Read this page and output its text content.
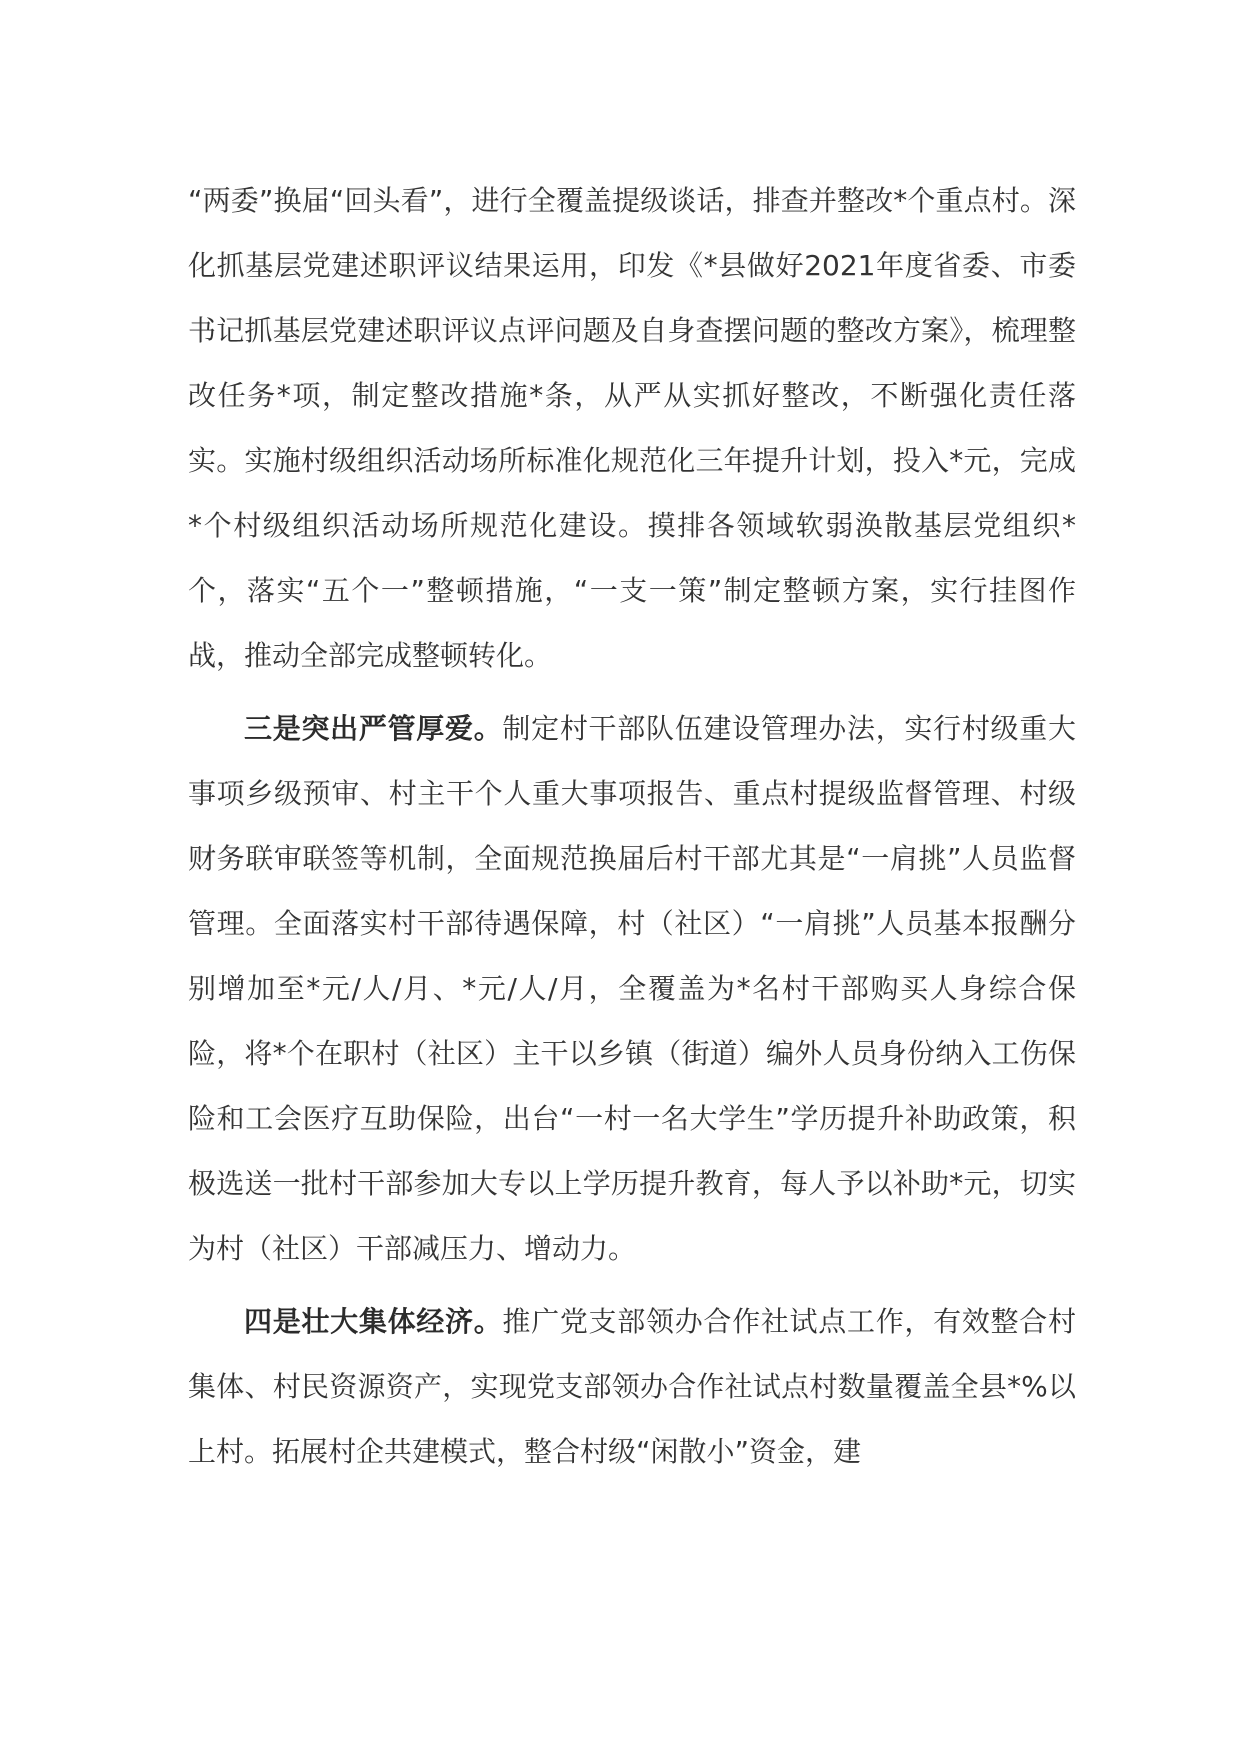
“两委”换届“回头看”，进行全覆盖提级谈话，排查并整改*个重点村。深化抓基层党建述职评议结果运用，印发《*县做好2021年度省委、市委书记抓基层党建述职评议点评问题及自身查摆问题的整改方案》，梳理整改任务*项，制定整改措施*条，从严从实抓好整改，不断强化责任落实。实施村级组织活动场所标准化规范化三年提升计划，投入*元，完成*个村级组织活动场所规范化建设。摸排各领域软弱涣散基层党组织*个，落实“五个一”整顿措施，“一支一策”制定整顿方案，实行挂图作战，推动全部完成整顿转化。

三是突出严管厚爱。制定村干部队伍建设管理办法，实行村级重大事项乡级预审、村主干个人重大事项报告、重点村提级监督管理、村级财务联审联签等机制，全面规范换届后村干部尤其是“一肩挑”人员监督管理。全面落实村干部待遇保障，村（社区）“一肩挑”人员基本报酬分别增加至*元/人/月、*元/人/月，全覆盖为*名村干部购买人身综合保险，将*个在职村（社区）主干以乡镇（街道）编外人员身份纳入工伤保险和工会医疗互助保险，出台“一村一名大学生”学历提升补助政策，积极选送一批村干部参加大专以上学历提升教育，每人予以补助*元，切实为村（社区）干部减压力、增动力。

四是壮大集体经济。推广党支部领办合作社试点工作，有效整合村集体、村民资源资产，实现党支部领办合作社试点村数量覆盖全县*%以上村。拓展村企共建模式，整合村级“闲散小”资金，建
